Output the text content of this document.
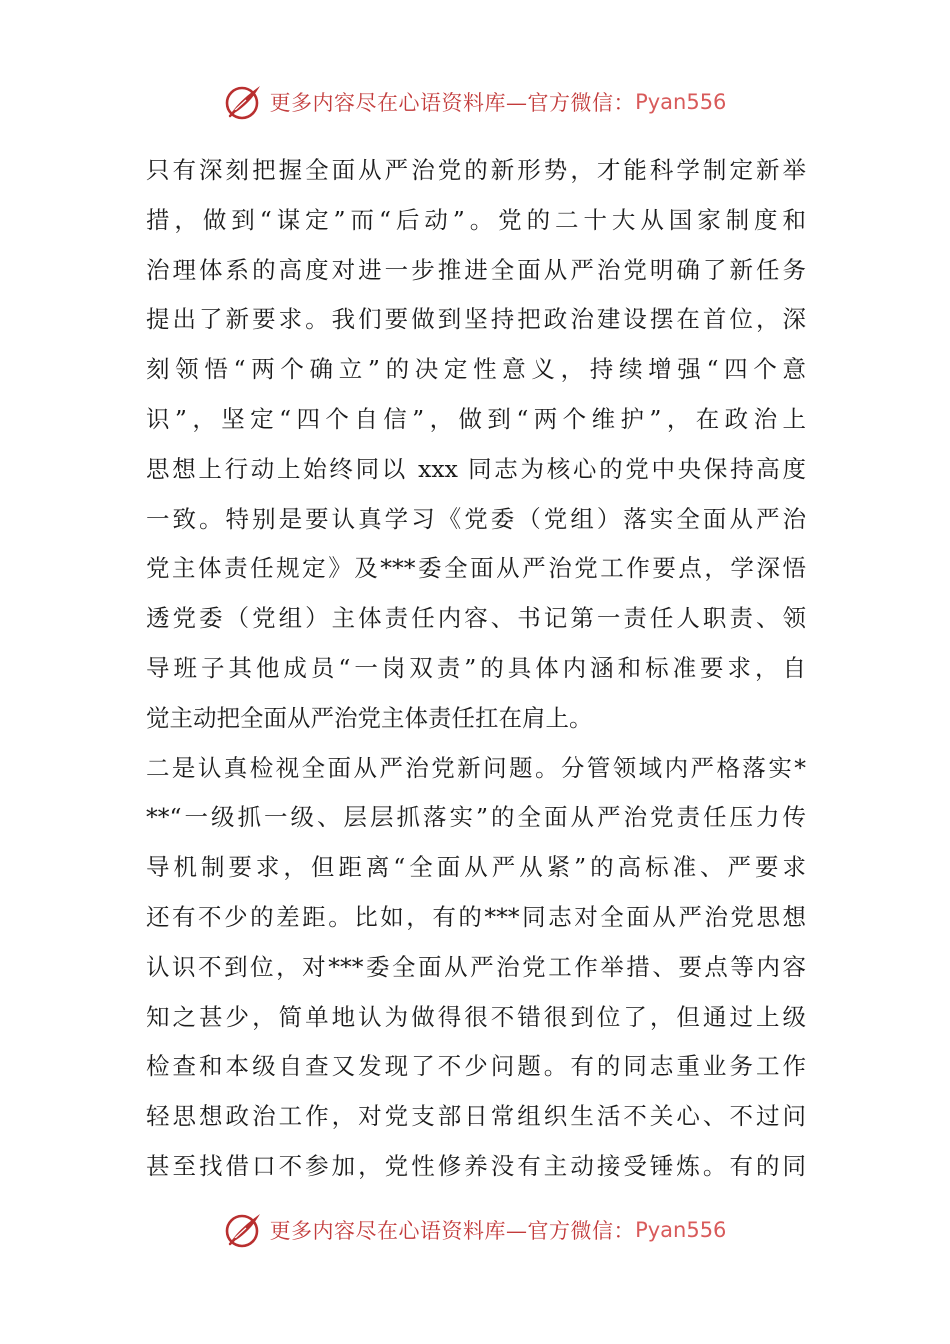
更多内容尽在心语资料库—官方微信： Pyan556
只有深刻把握全面从严治党的新形势，才能科学制定新举
措，做到“谋定”而“后动”。党的二十大从国家制度和
治理体系的高度对进一步推进全面从严治党明确了新任务
提出了新要求。我们要做到坚持把政治建设摆在首位，深
刻领悟“两个确立”的决定性意义，持续增强“四个意
识”，坚定“四个自信”，做到“两个维护”，在政治上
思想上行动上始终同以 xxx 同志为核心的党中央保持高度
一致。特别是要认真学习《党委（党组）落实全面从严治
党主体责任规定》及***委全面从严治党工作要点，学深悟
透党委（党组）主体责任内容、书记第一责任人职责、领
导班子其他成员“一岗双责”的具体内涵和标准要求，自
觉主动把全面从严治党主体责任扛在肩上。
二是认真检视全面从严治党新问题。分管领域内严格落实*
**“一级抓一级、层层抓落实”的全面从严治党责任压力传
导机制要求，但距离“全面从严从紧”的高标准、严要求
还有不少的差距。比如，有的***同志对全面从严治党思想
认识不到位，对***委全面从严治党工作举措、要点等内容
知之甚少，简单地认为做得很不错很到位了，但通过上级
检查和本级自查又发现了不少问题。有的同志重业务工作
轻思想政治工作，对党支部日常组织生活不关心、不过问
甚至找借口不参加，党性修养没有主动接受锤炼。有的同
更多内容尽在心语资料库—官方微信： Pyan556
